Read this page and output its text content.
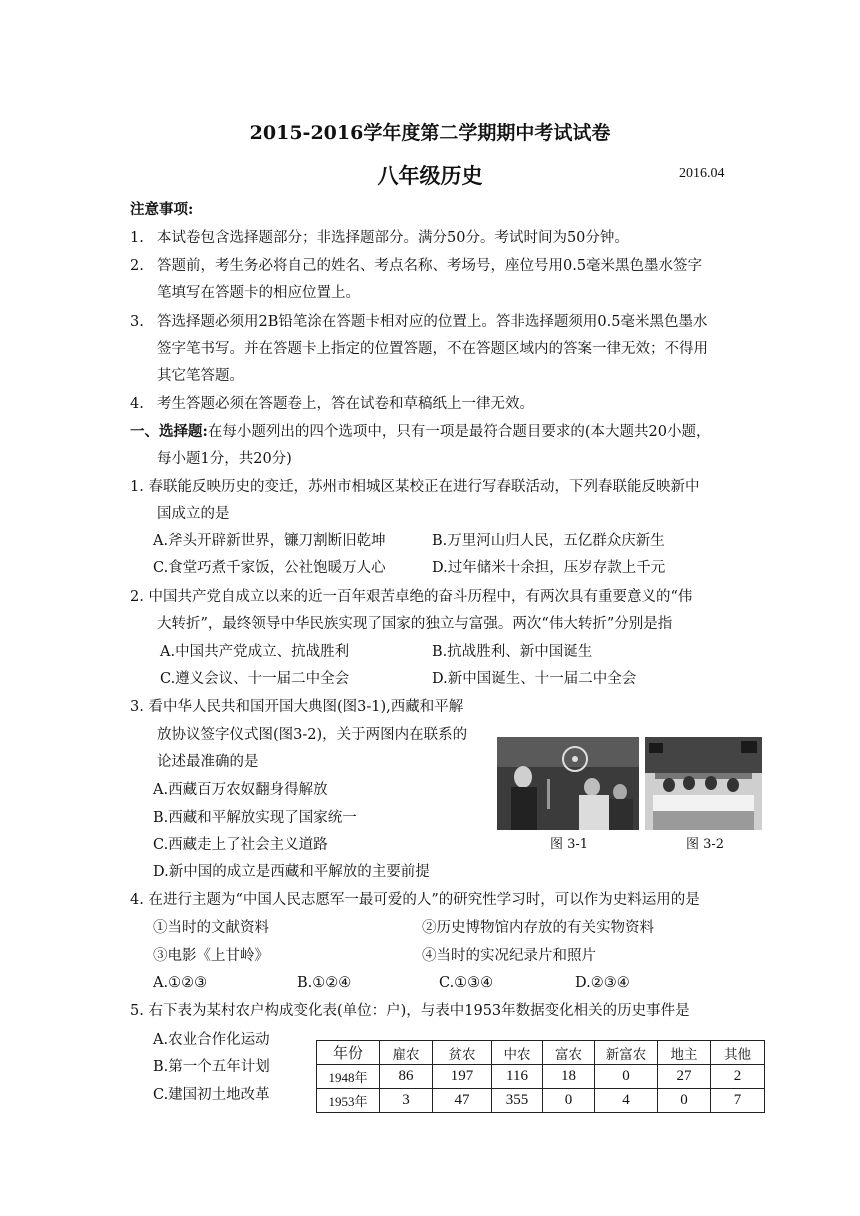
2015-2016学年度第二学期期中考试试卷
八年级历史	2016.04
注意事项:
1. 本试卷包含选择题部分；非选择题部分。满分50分。考试时间为50分钟。
2. 答题前，考生务必将自己的姓名、考点名称、考场号，座位号用0.5毫米黑色墨水签字
笔填写在答题卡的相应位置上。
3. 答选择题必须用2B铅笔涂在答题卡相对应的位置上。答非选择题须用0.5毫米黑色墨水
签字笔书写。并在答题卡上指定的位置答题，不在答题区域内的答案一律无效；不得用
其它笔答题。
4. 考生答题必须在答题卷上，答在试卷和草稿纸上一律无效。
一、选择题:在每小题列出的四个选项中，只有一项是最符合题目要求的(本大题共20小题，
每小题1分，共20分)
1. 春联能反映历史的变迁，苏州市相城区某校正在进行写春联活动，下列春联能反映新中
国成立的是
A.斧头开辟新世界，镰刀割断旧乾坤	B.万里河山归人民，五亿群众庆新生
C.食堂巧煮千家饭，公社饱暖万人心	D.过年储米十余担，压岁存款上千元
2. 中国共产党自成立以来的近一百年艰苦卓绝的奋斗历程中，有两次具有重要意义的“伟
大转折”，最终领导中华民族实现了国家的独立与富强。两次“伟大转折”分别是指
A.中国共产党成立、抗战胜利	B.抗战胜利、新中国诞生
C.遵义会议、十一届二中全会	D.新中国诞生、十一届二中全会
3. 看中华人民共和国开国大典图(图3-1),西藏和平解
放协议签字仪式图(图3-2)，关于两图内在联系的
论述最准确的是
A.西藏百万农奴翻身得解放
B.西藏和平解放实现了国家统一
C.西藏走上了社会主义道路
D.新中国的成立是西藏和平解放的主要前提
图 3-1	图 3-2
4. 在进行主题为“中国人民志愿军一最可爱的人”的研究性学习时，可以作为史料运用的是
①当时的文献资料	②历史博物馆内存放的有关实物资料
③电影《上甘岭》	④当时的实况纪录片和照片
A.①②③	B.①②④	C.①③④	D.②③④
5. 右下表为某村农户构成变化表(单位：户)，与表中1953年数据变化相关的历史事件是
A.农业合作化运动
B.第一个五年计划
C.建国初土地改革
年份	雇农	贫农	中农	富农	新富农	地主	其他
1948年	86	197	116	18	0	27	2
1953年	3	47	355	0	4	0	7
